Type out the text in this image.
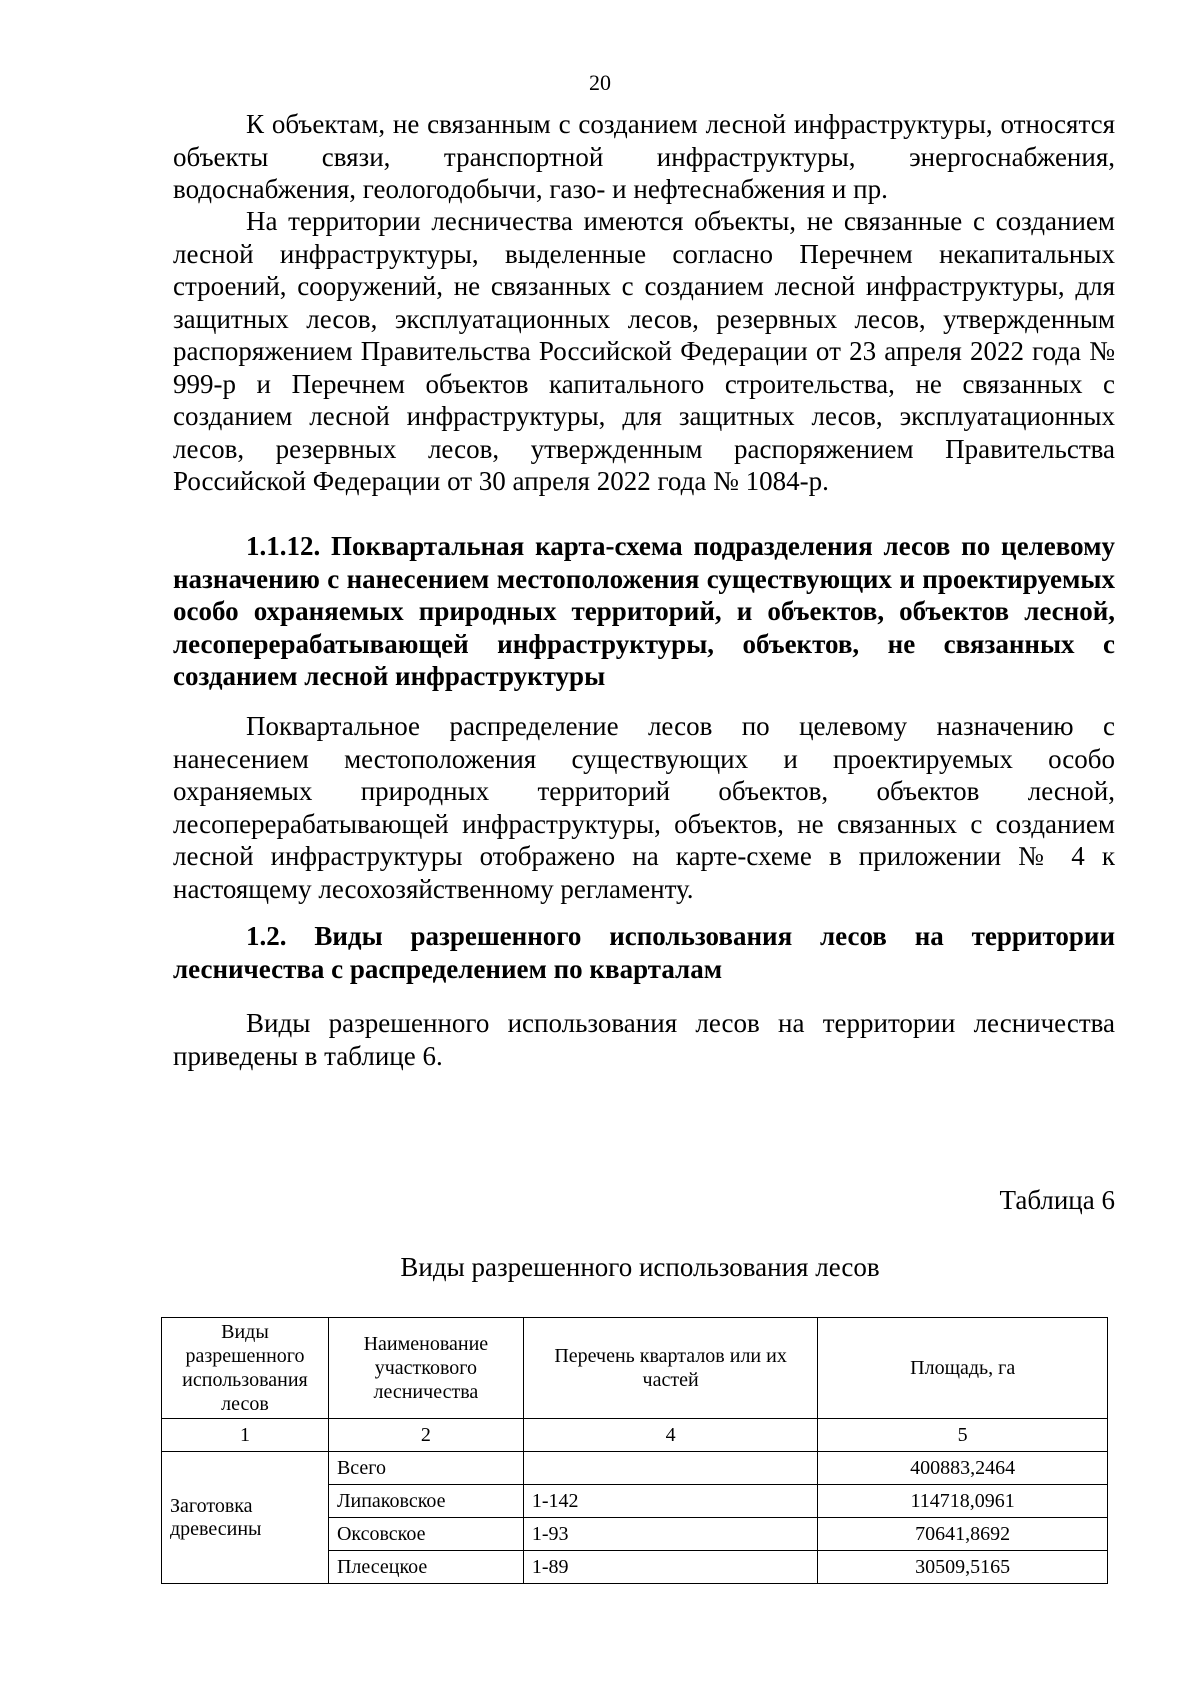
20
К объектам, не связанным с созданием лесной инфраструктуры, относятся объекты связи, транспортной инфраструктуры, энергоснабжения, водоснабжения, геологодобычи, газо- и нефтеснабжения и пр.
На территории лесничества имеются объекты, не связанные с созданием лесной инфраструктуры, выделенные согласно Перечнем некапитальных строений, сооружений, не связанных с созданием лесной инфраструктуры, для защитных лесов, эксплуатационных лесов, резервных лесов, утвержденным распоряжением Правительства Российской Федерации от 23 апреля 2022 года № 999-р и Перечнем объектов капитального строительства, не связанных с созданием лесной инфраструктуры, для защитных лесов, эксплуатационных лесов, резервных лесов, утвержденным распоряжением Правительства Российской Федерации от 30 апреля 2022 года № 1084-р.
1.1.12. Поквартальная карта-схема подразделения лесов по целевому назначению с нанесением местоположения существующих и проектируемых особо охраняемых природных территорий, и объектов, объектов лесной, лесоперерабатывающей инфраструктуры, объектов, не связанных с созданием лесной инфраструктуры
Поквартальное распределение лесов по целевому назначению с нанесением местоположения существующих и проектируемых особо охраняемых природных территорий объектов, объектов лесной, лесоперерабатывающей инфраструктуры, объектов, не связанных с созданием лесной инфраструктуры отображено на карте-схеме в приложении № 4 к настоящему лесохозяйственному регламенту.
1.2. Виды разрешенного использования лесов на территории лесничества с распределением по кварталам
Виды разрешенного использования лесов на территории лесничества приведены в таблице 6.
Таблица 6
Виды разрешенного использования лесов
Виды разрешенного использования лесов	Наименование участкового лесничества	Перечень кварталов или их частей	Площадь, га
1	2	4	5
Заготовка древесины	Всего		400883,2464
	Липаковское	1-142	114718,0961
	Оксовское	1-93	70641,8692
	Плесецкое	1-89	30509,5165
